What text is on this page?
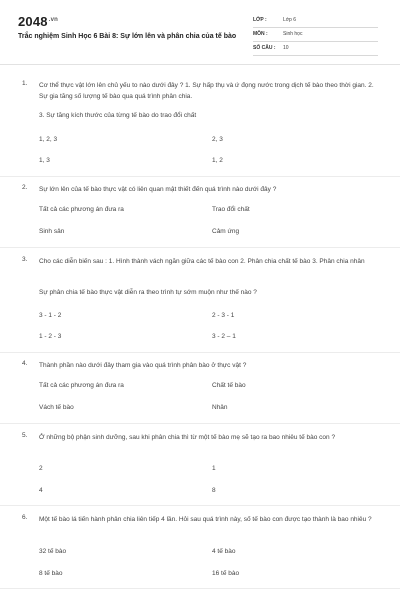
$2048^{.vn}$
Trắc nghiệm Sinh Học 6 Bài 8: Sự lớn lên và phân chia của tế bào
LỚP :	Lớp 6
MÔN :	Sinh học
SỐ CÂU : 10
1. Cơ thể thực vật lớn lên chủ yếu to nào dưới đây ? 1. Sự hấp thụ và ứ đọng nước trong dịch tế bào theo thời gian. 2. Sự gia tăng số lượng tế bào qua quá trình phân chia.
3. Sự tăng kích thước của từng tế bào do trao đổi chất
1, 2, 3	2, 3
1, 3	1, 2
2. Sự lớn lên của tế bào thực vật có liên quan mật thiết đến quá trình nào dưới đây ?
Tất cả các phương án đưa ra	Trao đổi chất
Sinh sản	Cảm ứng
3. Cho các diễn biến sau : 1. Hình thành vách ngăn giữa các tế bào con 2. Phân chia chất tế bào 3. Phân chia nhân
Sự phân chia tế bào thực vật diễn ra theo trình tự sớm muộn như thế nào ?
3 - 1 - 2	2 - 3 - 1
1 - 2 - 3	3 - 2 – 1
4. Thành phần nào dưới đây tham gia vào quá trình phân bào ở thực vật ?
Tất cả các phương án đưa ra	Chất tế bào
Vách tế bào	Nhân
5. Ở những bộ phận sinh dưỡng, sau khi phân chia thì từ một tế bào mẹ sẽ tạo ra bao nhiêu tế bào con ?
2	1
4	8
6. Một tế bào lá tiến hành phân chia liên tiếp 4 lần. Hỏi sau quá trình này, số tế bào con được tạo thành là bao nhiêu ?
32 tế bào	4 tế bào
8 tế bào	16 tế bào
